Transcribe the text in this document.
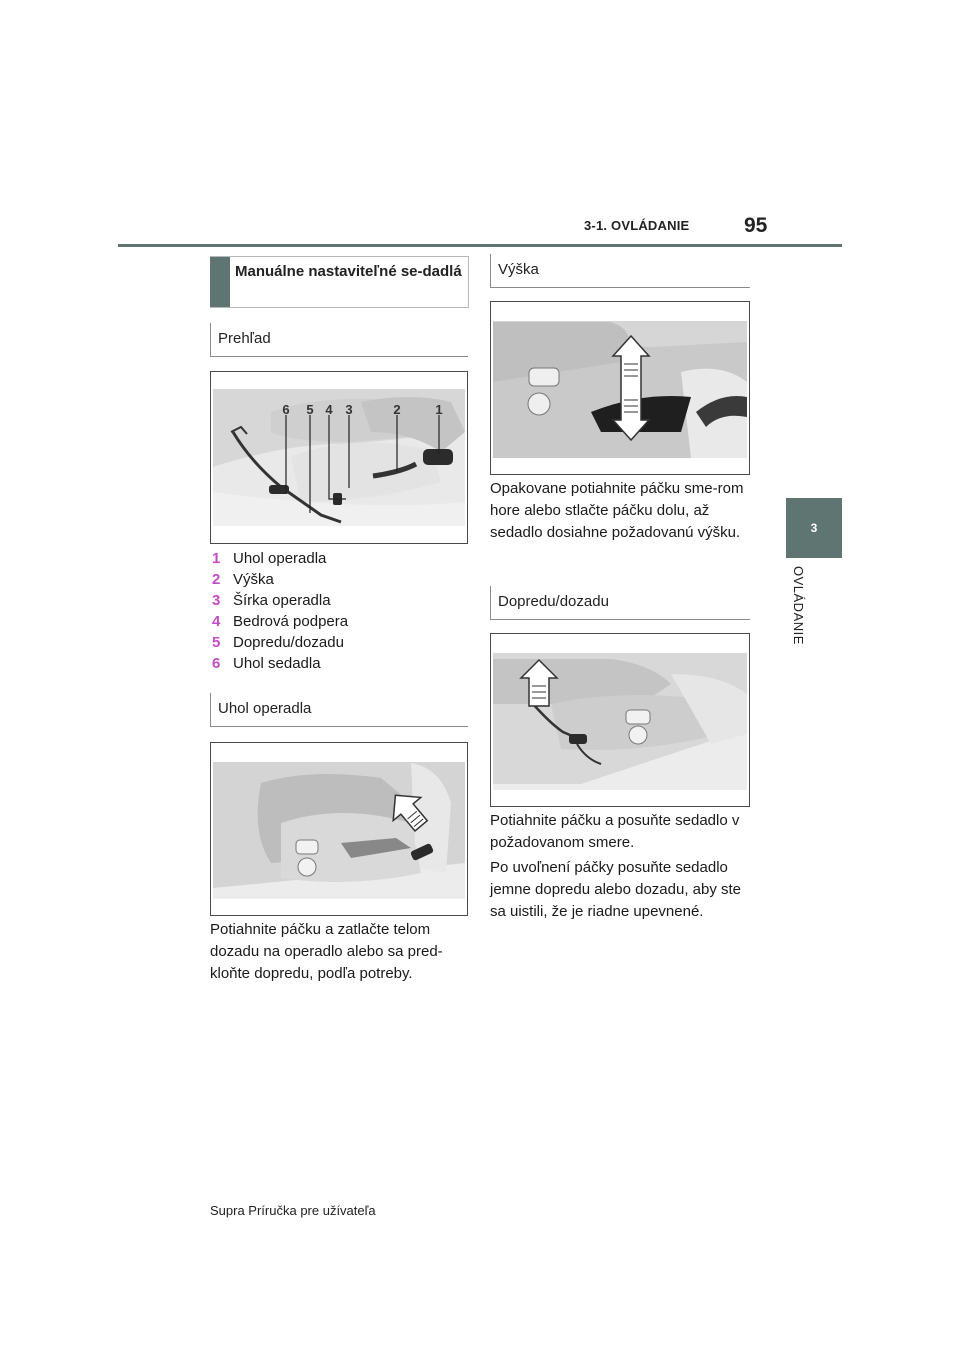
3-1. OVLÁDANIE	95
3
OVLÁDANIE
Manuálne nastaviteľné se-dadlá
Prehľad
6 5 4 3	2	1
1 Uhol operadla
2 Výška
3 Šírka operadla
4 Bedrová podpera
5 Dopredu/dozadu
6 Uhol sedadla
Uhol operadla
Potiahnite páčku a zatlačte telom dozadu na operadlo alebo sa pred-kloňte dopredu, podľa potreby.
Výška
Opakovane potiahnite páčku sme-rom hore alebo stlačte páčku dolu, až sedadlo dosiahne požadovanú výšku.
Dopredu/dozadu
Potiahnite páčku a posuňte sedadlo v požadovanom smere.
Po uvoľnení páčky posuňte sedadlo jemne dopredu alebo dozadu, aby ste sa uistili, že je riadne upevnené.
Supra Príručka pre užívateľa
